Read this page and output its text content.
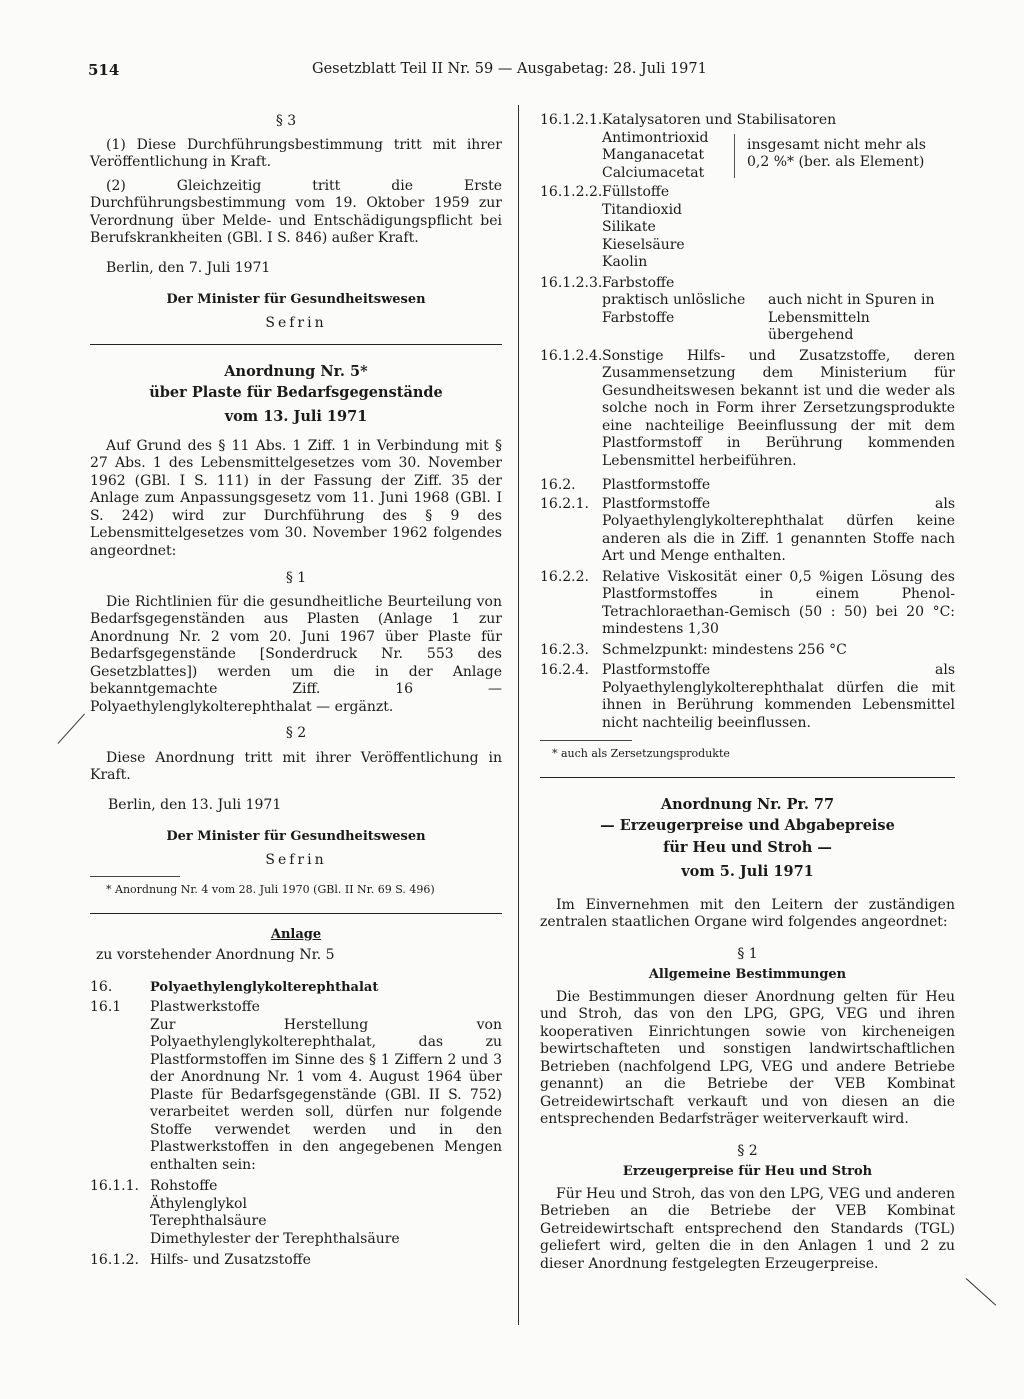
514	Gesetzblatt Teil II Nr. 59 — Ausgabetag: 28. Juli 1971

§ 3

(1) Diese Durchführungsbestimmung tritt mit ihrer Veröffentlichung in Kraft.

(2) Gleichzeitig tritt die Erste Durchführungsbestimmung vom 19. Oktober 1959 zur Verordnung über Melde- und Entschädigungspflicht bei Berufskrankheiten (GBl. I S. 846) außer Kraft.

Berlin, den 7. Juli 1971

Der Minister für Gesundheitswesen

Sefrin

Anordnung Nr. 5*

über Plaste für Bedarfsgegenstände

vom 13. Juli 1971

Auf Grund des § 11 Abs. 1 Ziff. 1 in Verbindung mit § 27 Abs. 1 des Lebensmittelgesetzes vom 30. November 1962 (GBl. I S. 111) in der Fassung der Ziff. 35 der Anlage zum Anpassungsgesetz vom 11. Juni 1968 (GBl. I S. 242) wird zur Durchführung des § 9 des Lebensmittelgesetzes vom 30. November 1962 folgendes angeordnet:

§ 1

Die Richtlinien für die gesundheitliche Beurteilung von Bedarfsgegenständen aus Plasten (Anlage 1 zur Anordnung Nr. 2 vom 20. Juni 1967 über Plaste für Bedarfsgegenstände [Sonderdruck Nr. 553 des Gesetzblattes]) werden um die in der Anlage bekanntgemachte Ziff. 16 — Polyaethylenglykolterephthalat — ergänzt.

§ 2

Diese Anordnung tritt mit ihrer Veröffentlichung in Kraft.

Berlin, den 13. Juli 1971

Der Minister für Gesundheitswesen

Sefrin

* Anordnung Nr. 4 vom 28. Juli 1970 (GBl. II Nr. 69 S. 496)

Anlage

zu vorstehender Anordnung Nr. 5

16.	Polyaethylenglykolterephthalat
16.1	Plastwerkstoffe

Zur Herstellung von Polyaethylenglykolterephthalat, das zu Plastformstoffen im Sinne des § 1 Ziffern 2 und 3 der Anordnung Nr. 1 vom 4. August 1964 über Plaste für Bedarfsgegenstände (GBl. II S. 752) verarbeitet werden soll, dürfen nur folgende Stoffe verwendet werden und in den Plastwerkstoffen in den angegebenen Mengen enthalten sein:

16.1.1. Rohstoffe

Äthylenglykol

Terephthalsäure

Dimethylester der Terephthalsäure

16.1.2. Hilfs- und Zusatzstoffe
16.1.2.1. Katalysatoren und Stabilisatoren

Antimontrioxid

Manganacetat

Calciumacetat

insgesamt nicht mehr als

0,2 %* (ber. als Element)

16.1.2.2. Füllstoffe

Titandioxid

Silikate

Kieselsäure

Kaolin

16.1.2.3. Farbstoffe

praktisch unlösliche

Farbstoffe

auch nicht in Spuren in

Lebensmitteln

übergehend

16.1.2.4. Sonstige Hilfs- und Zusatzstoffe, deren Zusammensetzung dem Ministerium für Gesundheitswesen bekannt ist und die weder als solche noch in Form ihrer Zersetzungsprodukte eine nachteilige Beeinflussung der mit dem Plastformstoff in Berührung kommenden Lebensmittel herbeiführen.

16.2.	Plastformstoffe
16.2.1. Plastformstoffe als Polyaethylenglykolterephthalat dürfen keine anderen als die in Ziff. 1 genannten Stoffe nach Art und Menge enthalten.

16.2.2. Relative Viskosität einer 0,5 %igen Lösung des Plastformstoffes in einem Phenol-Tetrachloraethan-Gemisch (50 : 50) bei 20 °C: mindestens 1,30

16.2.3. Schmelzpunkt: mindestens 256 °C
16.2.4. Plastformstoffe als Polyaethylenglykolterephthalat dürfen die mit ihnen in Berührung kommenden Lebensmittel nicht nachteilig beeinflussen.

* auch als Zersetzungsprodukte

Anordnung Nr. Pr. 77

— Erzeugerpreise und Abgabepreise

für Heu und Stroh —

vom 5. Juli 1971

Im Einvernehmen mit den Leitern der zuständigen zentralen staatlichen Organe wird folgendes angeordnet:

§ 1

Allgemeine Bestimmungen

Die Bestimmungen dieser Anordnung gelten für Heu und Stroh, das von den LPG, GPG, VEG und ihren kooperativen Einrichtungen sowie von kircheneigen bewirtschafteten und sonstigen landwirtschaftlichen Betrieben (nachfolgend LPG, VEG und andere Betriebe genannt) an die Betriebe der VEB Kombinat Getreidewirtschaft verkauft und von diesen an die entsprechenden Bedarfsträger weiterverkauft wird.

§ 2

Erzeugerpreise für Heu und Stroh

Für Heu und Stroh, das von den LPG, VEG und anderen Betrieben an die Betriebe der VEB Kombinat Getreidewirtschaft entsprechend den Standards (TGL) geliefert wird, gelten die in den Anlagen 1 und 2 zu dieser Anordnung festgelegten Erzeugerpreise.
